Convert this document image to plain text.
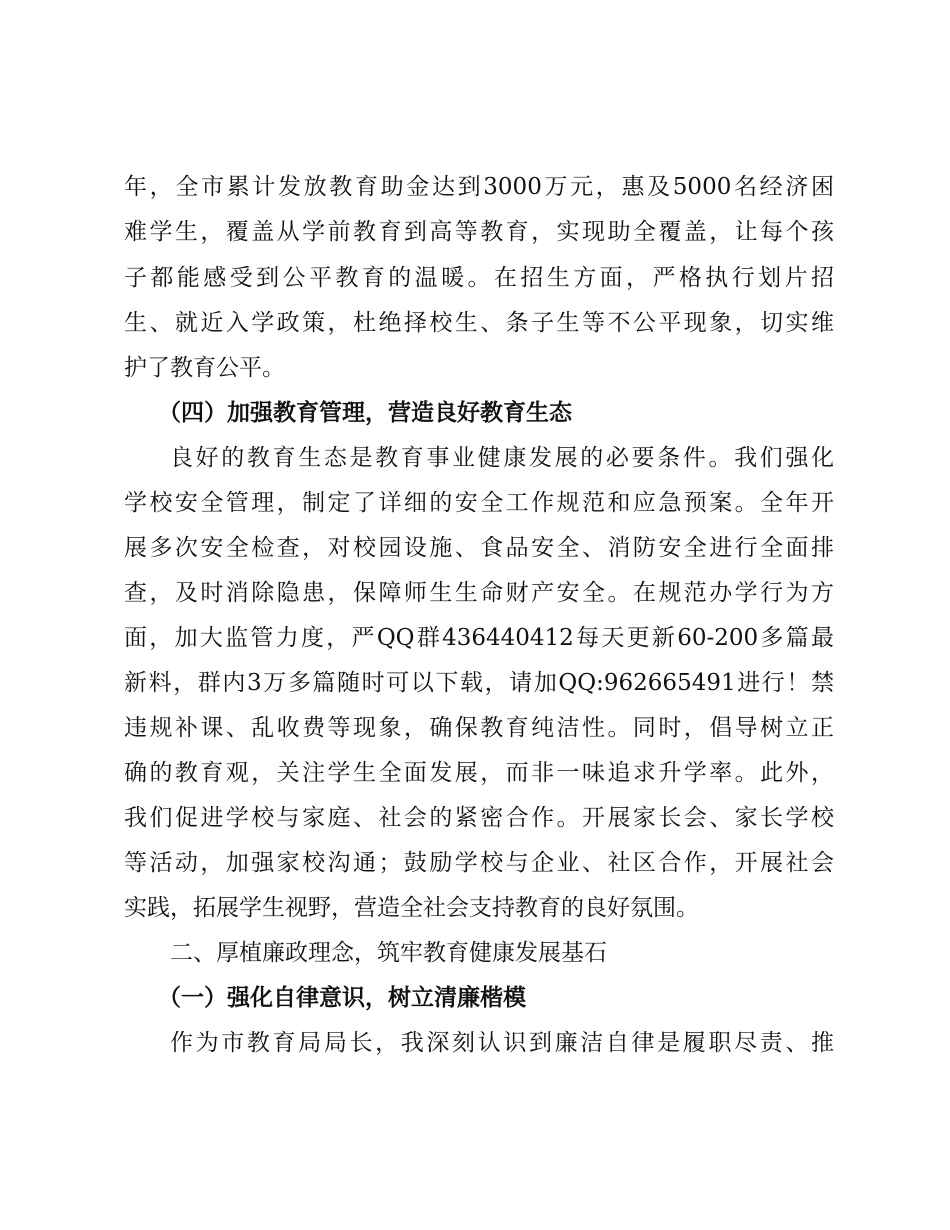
年，全市累计发放教育助金达到3000万元，惠及5000名经济困
难学生，覆盖从学前教育到高等教育，实现助全覆盖，让每个孩
子都能感受到公平教育的温暖。在招生方面，严格执行划片招
生、就近入学政策，杜绝择校生、条子生等不公平现象，切实维
护了教育公平。
（四）加强教育管理，营造良好教育生态
良好的教育生态是教育事业健康发展的必要条件。我们强化
学校安全管理，制定了详细的安全工作规范和应急预案。全年开
展多次安全检查，对校园设施、食品安全、消防安全进行全面排
查，及时消除隐患，保障师生生命财产安全。在规范办学行为方
面，加大监管力度，严QQ群436440412每天更新60-200多篇最
新料，群内3万多篇随时可以下载，请加QQ:962665491进行！禁
违规补课、乱收费等现象，确保教育纯洁性。同时，倡导树立正
确的教育观，关注学生全面发展，而非一味追求升学率。此外，
我们促进学校与家庭、社会的紧密合作。开展家长会、家长学校
等活动，加强家校沟通；鼓励学校与企业、社区合作，开展社会
实践，拓展学生视野，营造全社会支持教育的良好氛围。
二、厚植廉政理念，筑牢教育健康发展基石
（一）强化自律意识，树立清廉楷模
作为市教育局局长，我深刻认识到廉洁自律是履职尽责、推
